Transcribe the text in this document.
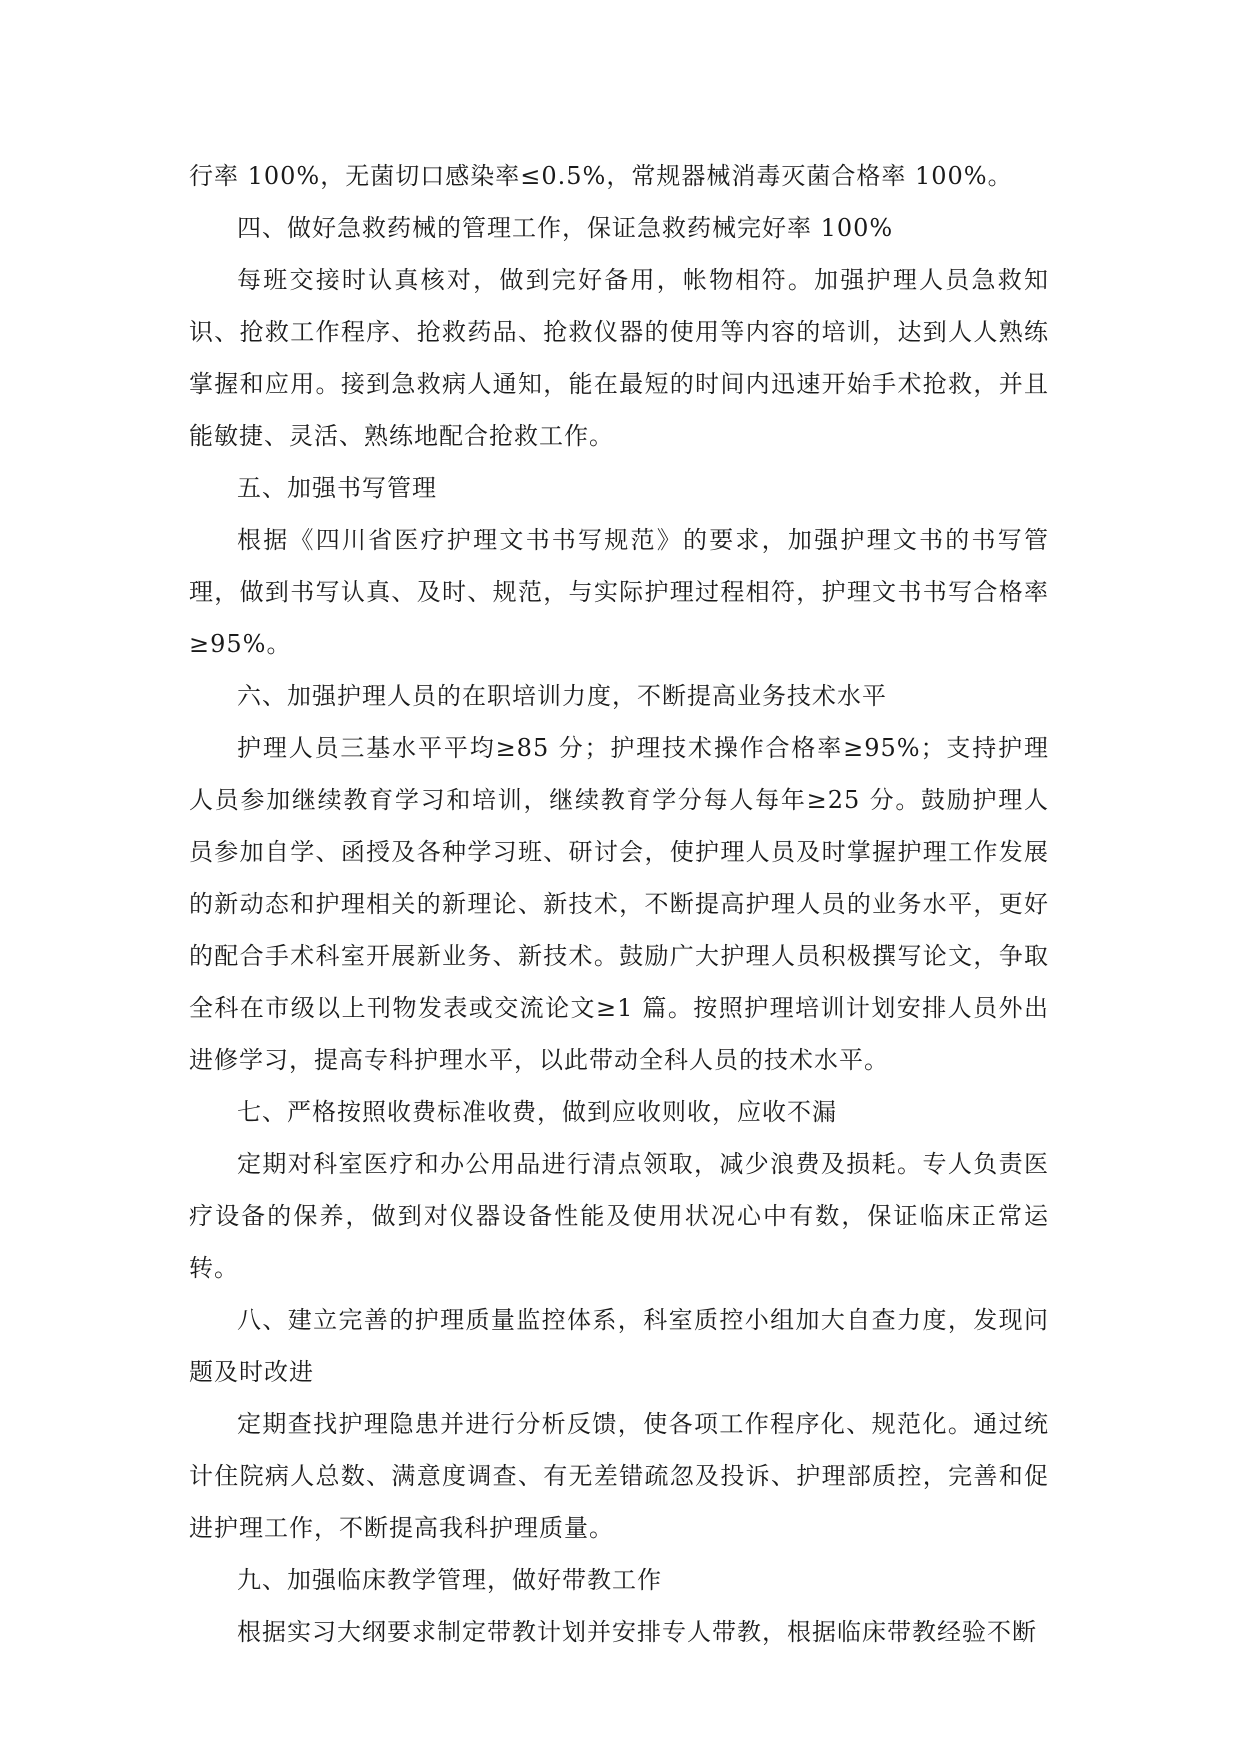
行率 100%，无菌切口感染率≤0.5%，常规器械消毒灭菌合格率 100%。

四、做好急救药械的管理工作，保证急救药械完好率 100%

每班交接时认真核对，做到完好备用，帐物相符。加强护理人员急救知识、抢救工作程序、抢救药品、抢救仪器的使用等内容的培训，达到人人熟练掌握和应用。接到急救病人通知，能在最短的时间内迅速开始手术抢救，并且能敏捷、灵活、熟练地配合抢救工作。

五、加强书写管理

根据《四川省医疗护理文书书写规范》的要求，加强护理文书的书写管理，做到书写认真、及时、规范，与实际护理过程相符，护理文书书写合格率≥95%。

六、加强护理人员的在职培训力度，不断提高业务技术水平

护理人员三基水平平均≥85 分；护理技术操作合格率≥95%；支持护理人员参加继续教育学习和培训，继续教育学分每人每年≥25 分。鼓励护理人员参加自学、函授及各种学习班、研讨会，使护理人员及时掌握护理工作发展的新动态和护理相关的新理论、新技术，不断提高护理人员的业务水平，更好的配合手术科室开展新业务、新技术。鼓励广大护理人员积极撰写论文，争取全科在市级以上刊物发表或交流论文≥1 篇。按照护理培训计划安排人员外出进修学习，提高专科护理水平，以此带动全科人员的技术水平。

七、严格按照收费标准收费，做到应收则收，应收不漏

定期对科室医疗和办公用品进行清点领取，减少浪费及损耗。专人负责医疗设备的保养，做到对仪器设备性能及使用状况心中有数，保证临床正常运转。

八、建立完善的护理质量监控体系，科室质控小组加大自查力度，发现问题及时改进

定期查找护理隐患并进行分析反馈，使各项工作程序化、规范化。通过统计住院病人总数、满意度调查、有无差错疏忽及投诉、护理部质控，完善和促进护理工作，不断提高我科护理质量。

九、加强临床教学管理，做好带教工作

根据实习大纲要求制定带教计划并安排专人带教，根据临床带教经验不断
